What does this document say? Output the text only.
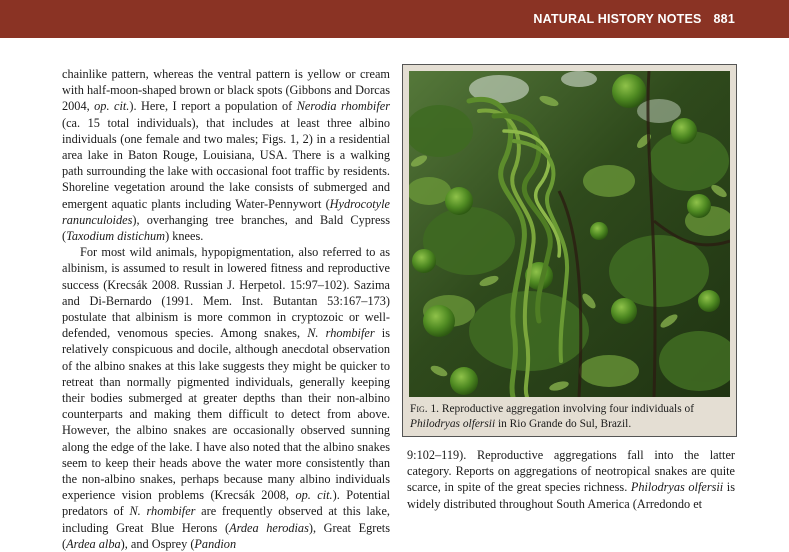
NATURAL HISTORY NOTES 881

chainlike pattern, whereas the ventral pattern is yellow or cream with half-moon-shaped brown or black spots (Gibbons and Dorcas 2004, op. cit.). Here, I report a population of Nerodia rhombifer (ca. 15 total individuals), that includes at least three albino individuals (one female and two males; Figs. 1, 2) in a residential area lake in Baton Rouge, Louisiana, USA. There is a walking path surrounding the lake with occasional foot traffic by residents. Shoreline vegetation around the lake consists of submerged and emergent aquatic plants including Water-Pennywort (Hydrocotyle ranunculoides), overhanging tree branches, and Bald Cypress (Taxodium distichum) knees.

For most wild animals, hypopigmentation, also referred to as albinism, is assumed to result in lowered fitness and reproductive success (Krecsák 2008. Russian J. Herpetol. 15:97–102). Sazima and Di-Bernardo (1991. Mem. Inst. Butantan 53:167–173) postulate that albinism is more common in cryptozoic or well-defended, venomous species. Among snakes, N. rhombifer is relatively conspicuous and docile, although anecdotal observation of the albino snakes at this lake suggests they might be quicker to retreat than normally pigmented individuals, generally keeping their bodies submerged at greater depths than their non-albino counterparts and making them difficult to detect from above. However, the albino snakes are occasionally observed sunning along the edge of the lake. I have also noted that the albino snakes seem to keep their heads above the water more consistently than the non-albino snakes, perhaps because many albino individuals experience vision problems (Krecsák 2008, op. cit.). Potential predators of N. rhombifer are frequently observed at this lake, including Great Blue Herons (Ardea herodias), Great Egrets (Ardea alba), and Osprey (Pandion

Fig. 1. Reproductive aggregation involving four individuals of Philodryas olfersii in Rio Grande do Sul, Brazil.

9:102–119). Reproductive aggregations fall into the latter category. Reports on aggregations of neotropical snakes are quite scarce, in spite of the great species richness. Philodryas olfersii is widely distributed throughout South America (Arredondo et
